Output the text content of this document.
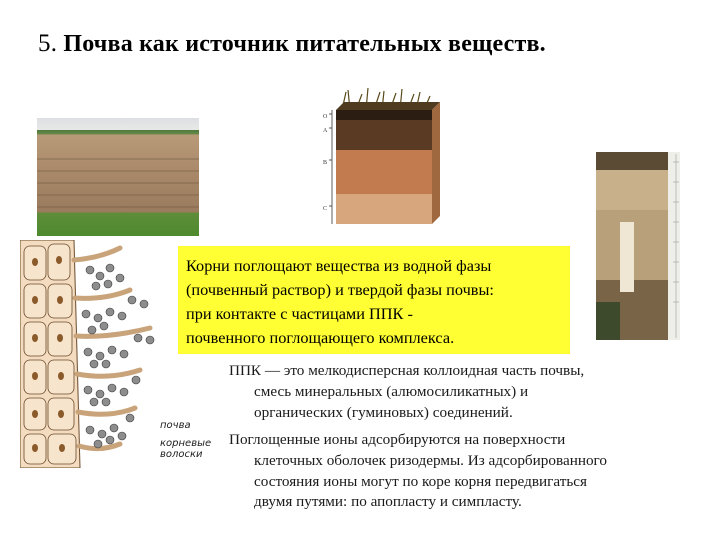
5. Почва как источник питательных веществ.
O
A
B
C
почва
корневые
волоски
Корни поглощают вещества из водной фазы
(почвенный раствор) и твердой фазы почвы:
при контакте с частицами ППК -
почвенного поглощающего комплекса.
ППК — это мелкодисперсная коллоидная часть почвы,
смесь минеральных (алюмосиликатных) и
органических (гуминовых) соединений.
Поглощенные ионы адсорбируются на поверхности
клеточных оболочек ризодермы. Из адсорбированного
состояния ионы могут по коре корня передвигаться
двумя путями: по апопласту и симпласту.
